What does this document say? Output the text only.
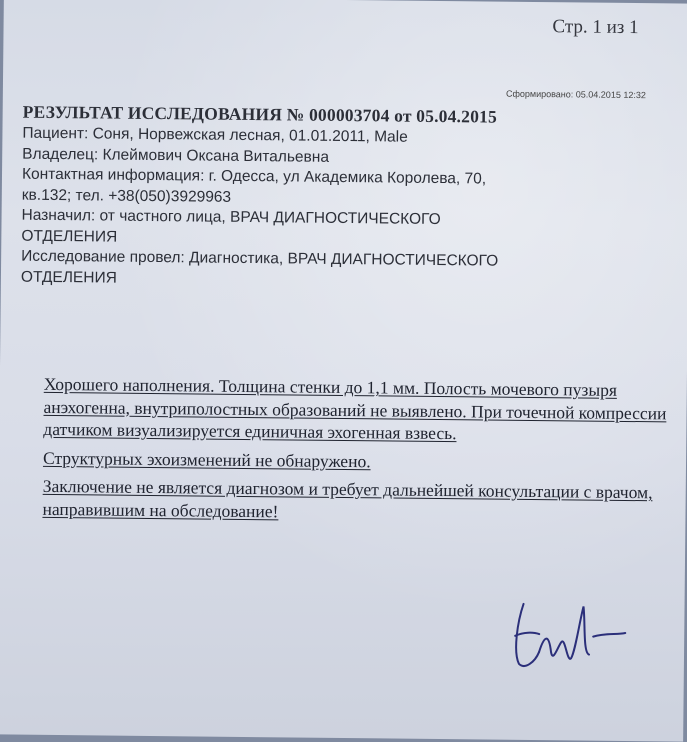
Стр. 1 из 1
Сформировано: 05.04.2015 12:32
РЕЗУЛЬТАТ ИССЛЕДОВАНИЯ № 000003704 от 05.04.2015
Пациент: Соня, Норвежская лесная, 01.01.2011, Male
Владелец: Клеймович Оксана Витальевна
Контактная информация: г. Одесса, ул Академика Королева, 70,
кв.132; тел. +38(050)3929963
Назначил: от частного лица, ВРАЧ ДИАГНОСТИЧЕСКОГО
ОТДЕЛЕНИЯ
Исследование провел: Диагностика, ВРАЧ ДИАГНОСТИЧЕСКОГО
ОТДЕЛЕНИЯ

Хорошего наполнения. Толщина стенки до 1,1 мм. Полость мочевого пузыря анэхогенна, внутриполостных образований не выявлено. При точечной компрессии датчиком визуализируется единичная эхогенная взвесь.

Структурных эхоизменений не обнаружено.

Заключение не является диагнозом и требует дальнейшей консультации с врачом, направившим на обследование!
